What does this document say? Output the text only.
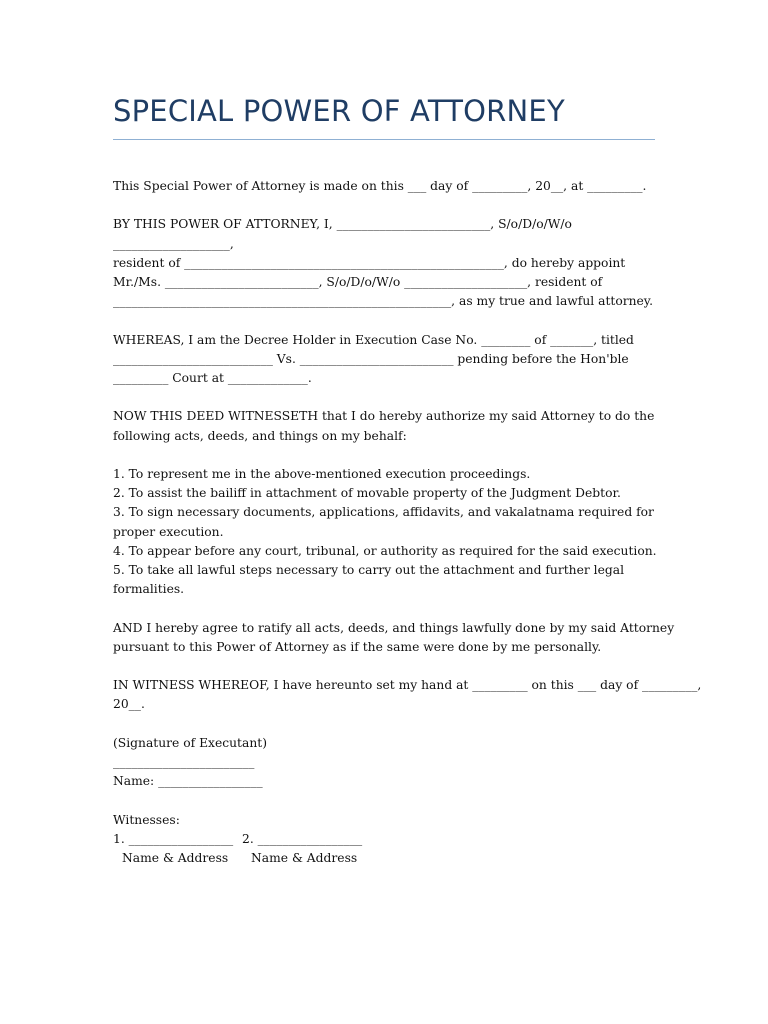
SPECIAL POWER OF ATTORNEY

This Special Power of Attorney is made on this ___ day of _________, 20__, at _________.

BY THIS POWER OF ATTORNEY, I, _________________________, S/o/D/o/W/o
___________________,
resident of ____________________________________________________, do hereby appoint
Mr./Ms. _________________________, S/o/D/o/W/o ____________________, resident of
_______________________________________________________, as my true and lawful attorney.
WHEREAS, I am the Decree Holder in Execution Case No. ________ of _______, titled
__________________________ Vs. _________________________ pending before the Hon'ble
_________ Court at _____________.
NOW THIS DEED WITNESSETH that I do hereby authorize my said Attorney to do the
following acts, deeds, and things on my behalf:
1. To represent me in the above-mentioned execution proceedings.
2. To assist the bailiff in attachment of movable property of the Judgment Debtor.
3. To sign necessary documents, applications, affidavits, and vakalatnama required for
proper execution.
4. To appear before any court, tribunal, or authority as required for the said execution.
5. To take all lawful steps necessary to carry out the attachment and further legal
formalities.
AND I hereby agree to ratify all acts, deeds, and things lawfully done by my said Attorney
pursuant to this Power of Attorney as if the same were done by me personally.
IN WITNESS WHEREOF, I have hereunto set my hand at _________ on this ___ day of _________,
20__.
(Signature of Executant)
_______________________
Name: _________________
Witnesses:
1. _________________ 2. _________________
Name & Address Name & Address
